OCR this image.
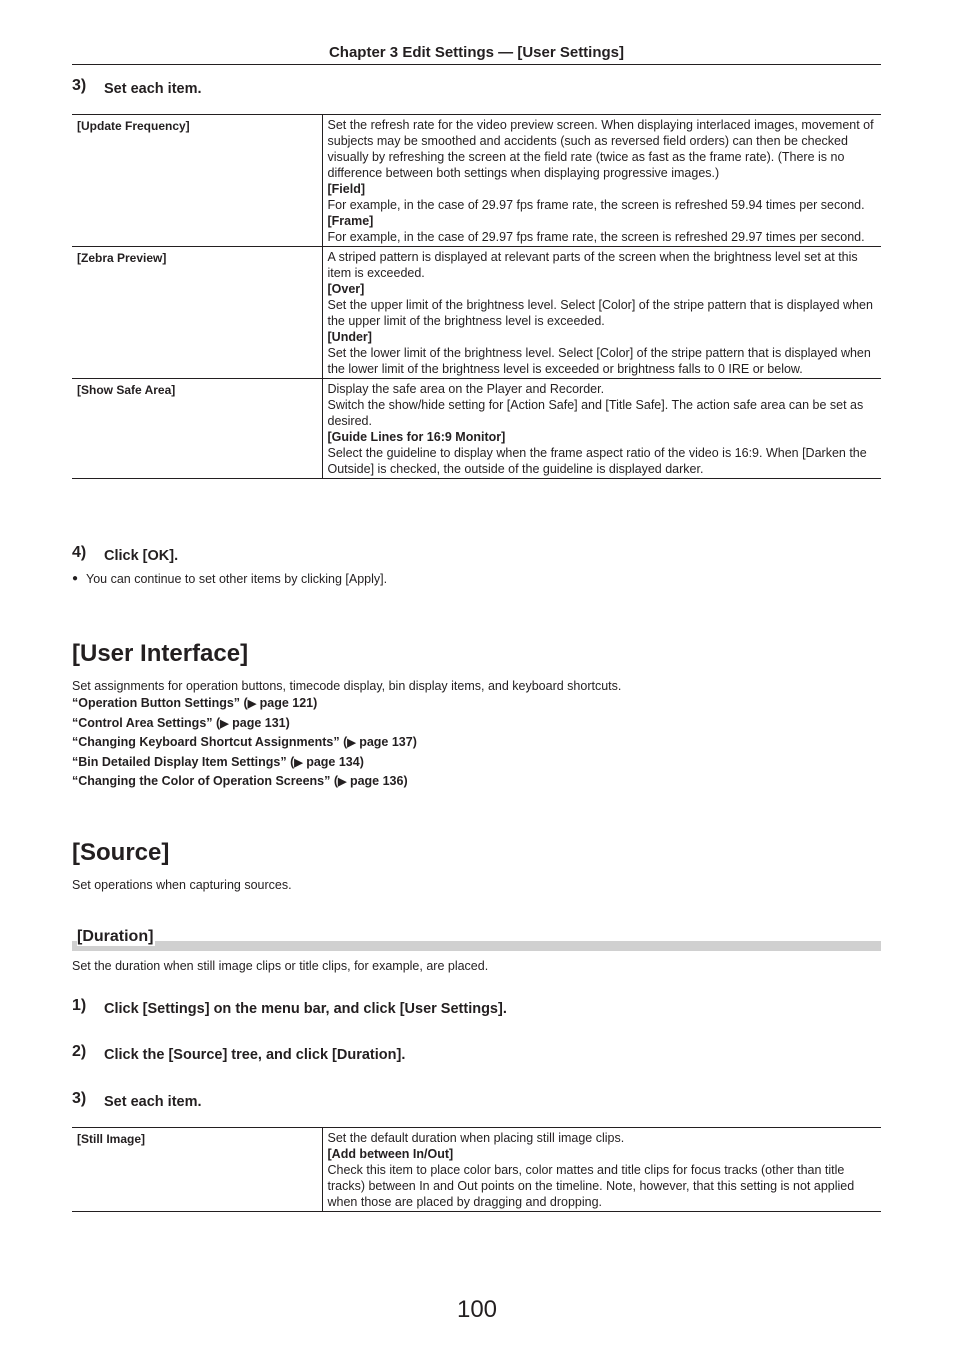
Chapter 3 Edit Settings — [User Settings]
3)	Set each item.
[Update Frequency]	Set the refresh rate for the video preview screen. When displaying interlaced images, movement of subjects may be smoothed and accidents (such as reversed field orders) can then be checked visually by refreshing the screen at the field rate (twice as fast as the frame rate). (There is no difference between both settings when displaying progressive images.)
[Field]
For example, in the case of 29.97 fps frame rate, the screen is refreshed 59.94 times per second.
[Frame]
For example, in the case of 29.97 fps frame rate, the screen is refreshed 29.97 times per second.

[Zebra Preview]	A striped pattern is displayed at relevant parts of the screen when the brightness level set at this item is exceeded.
[Over]
Set the upper limit of the brightness level. Select [Color] of the stripe pattern that is displayed when the upper limit of the brightness level is exceeded.
[Under]
Set the lower limit of the brightness level. Select [Color] of the stripe pattern that is displayed when the lower limit of the brightness level is exceeded or brightness falls to 0 IRE or below.

[Show Safe Area]	Display the safe area on the Player and Recorder.
Switch the show/hide setting for [Action Safe] and [Title Safe]. The action safe area can be set as desired.
[Guide Lines for 16:9 Monitor]
Select the guideline to display when the frame aspect ratio of the video is 16:9. When [Darken the Outside] is checked, the outside of the guideline is displayed darker.
4)	Click [OK].
● You can continue to set other items by clicking [Apply].
[User Interface]
Set assignments for operation buttons, timecode display, bin display items, and keyboard shortcuts.
“Operation Button Settings” (▶ page 121)
“Control Area Settings” (▶ page 131)
“Changing Keyboard Shortcut Assignments” (▶ page 137)
“Bin Detailed Display Item Settings” (▶ page 134)
“Changing the Color of Operation Screens” (▶ page 136)
[Source]
Set operations when capturing sources.
[Duration]
Set the duration when still image clips or title clips, for example, are placed.
1)	Click [Settings] on the menu bar, and click [User Settings].
2)	Click the [Source] tree, and click [Duration].
3)	Set each item.
[Still Image]	Set the default duration when placing still image clips.
[Add between In/Out]
Check this item to place color bars, color mattes and title clips for focus tracks (other than title tracks) between In and Out points on the timeline. Note, however, that this setting is not applied when those are placed by dragging and dropping.
100
